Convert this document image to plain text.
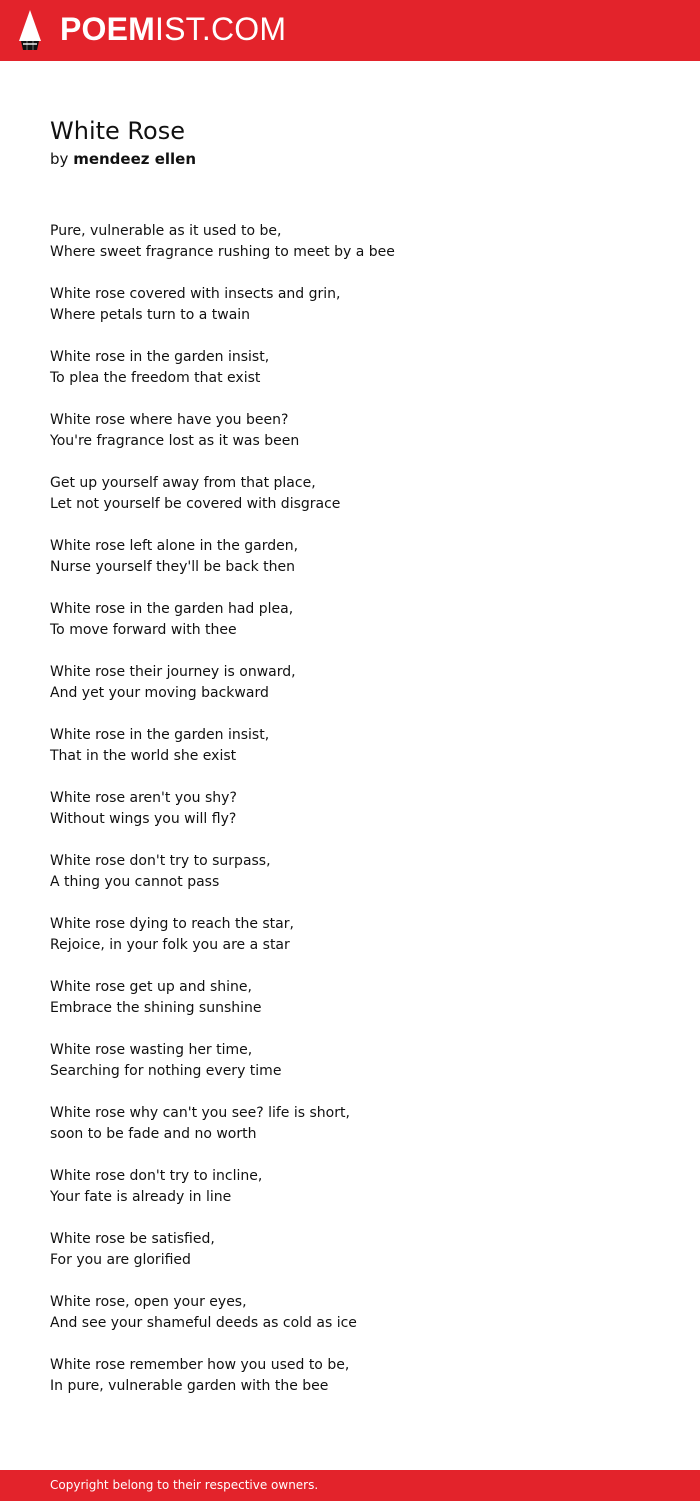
POEMIST.COM
White Rose
by mendeez ellen
Pure, vulnerable as it used to be,
Where sweet fragrance rushing to meet by a bee
White rose covered with insects and grin,
Where petals turn to a twain
White rose in the garden insist,
To plea the freedom that exist
White rose where have you been?
You're fragrance lost as it was been
Get up yourself away from that place,
Let not yourself be covered with disgrace
White rose left alone in the garden,
Nurse yourself they'll be back then
White rose in the garden had plea,
To move forward with thee
White rose their journey is onward,
And yet your moving backward
White rose in the garden insist,
That in the world she exist
White rose aren't you shy?
Without wings you will fly?
White rose don't try to surpass,
A thing you cannot pass
White rose dying to reach the star,
Rejoice, in your folk you are a star
White rose get up and shine,
Embrace the shining sunshine
White rose wasting her time,
Searching for nothing every time
White rose why can't you see? life is short,
soon to be fade and no worth
White rose don't try to incline,
Your fate is already in line
White rose be satisfied,
For you are glorified
White rose, open your eyes,
And see your shameful deeds as cold as ice
White rose remember how you used to be,
In pure, vulnerable garden with the bee
Copyright belong to their respective owners.
